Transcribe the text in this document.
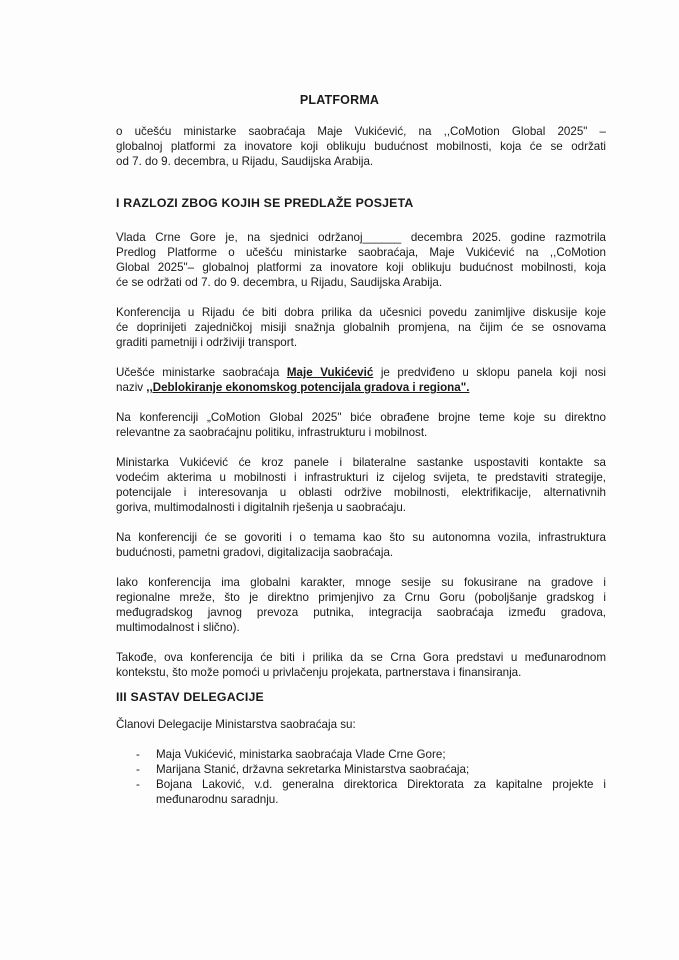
PLATFORMA
o učešću ministarke saobraćaja Maje Vukićević, na ,,CoMotion Global 2025" –
globalnoj platformi za inovatore koji oblikuju budućnost mobilnosti, koja će se održati
od 7. do 9. decembra, u Rijadu, Saudijska Arabija.
I RAZLOZI ZBOG KOJIH SE PREDLAŽE POSJETA
Vlada Crne Gore je, na sjednici održanoj______ decembra 2025. godine razmotrila
Predlog Platforme o učešću ministarke saobraćaja, Maje Vukićević na ,,CoMotion
Global 2025"– globalnoj platformi za inovatore koji oblikuju budućnost mobilnosti, koja
će se održati od 7. do 9. decembra, u Rijadu, Saudijska Arabija.
Konferencija u Rijadu će biti dobra prilika da učesnici povedu zanimljive diskusije koje
će doprinijeti zajedničkoj misiji snažnja globalnih promjena, na čijim će se osnovama
graditi pametniji i održiviji transport.
Učešće ministarke saobraćaja Maje Vukićević je predviđeno u sklopu panela koji nosi
naziv ,,Deblokiranje ekonomskog potencijala gradova i regiona".
Na konferenciji „CoMotion Global 2025" biće obrađene brojne teme koje su direktno
relevantne za saobraćajnu politiku, infrastrukturu i mobilnost.
Ministarka Vukićević će kroz panele i bilateralne sastanke uspostaviti kontakte sa
vodećim akterima u mobilnosti i infrastrukturi iz cijelog svijeta, te predstaviti strategije,
potencijale i interesovanja u oblasti održive mobilnosti, elektrifikacije, alternativnih
goriva, multimodalnosti i digitalnih rješenja u saobraćaju.
Na konferenciji će se govoriti i o temama kao što su autonomna vozila, infrastruktura
budućnosti, pametni gradovi, digitalizacija saobraćaja.
Iako konferencija ima globalni karakter, mnoge sesije su fokusirane na gradove i
regionalne mreže, što je direktno primjenjivo za Crnu Goru (poboljšanje gradskog i
međugradskog javnog prevoza putnika, integracija saobraćaja između gradova,
multimodalnost i slično).
Takođe, ova konferencija će biti i prilika da se Crna Gora predstavi u međunarodnom
kontekstu, što može pomoći u privlačenju projekata, partnerstava i finansiranja.
III SASTAV DELEGACIJE
Članovi Delegacije Ministarstva saobraćaja su:
- Maja Vukićević, ministarka saobraćaja Vlade Crne Gore;
- Marijana Stanić, državna sekretarka Ministarstva saobraćaja;
- Bojana Laković, v.d. generalna direktorica Direktorata za kapitalne projekte i
međunarodnu saradnju.
